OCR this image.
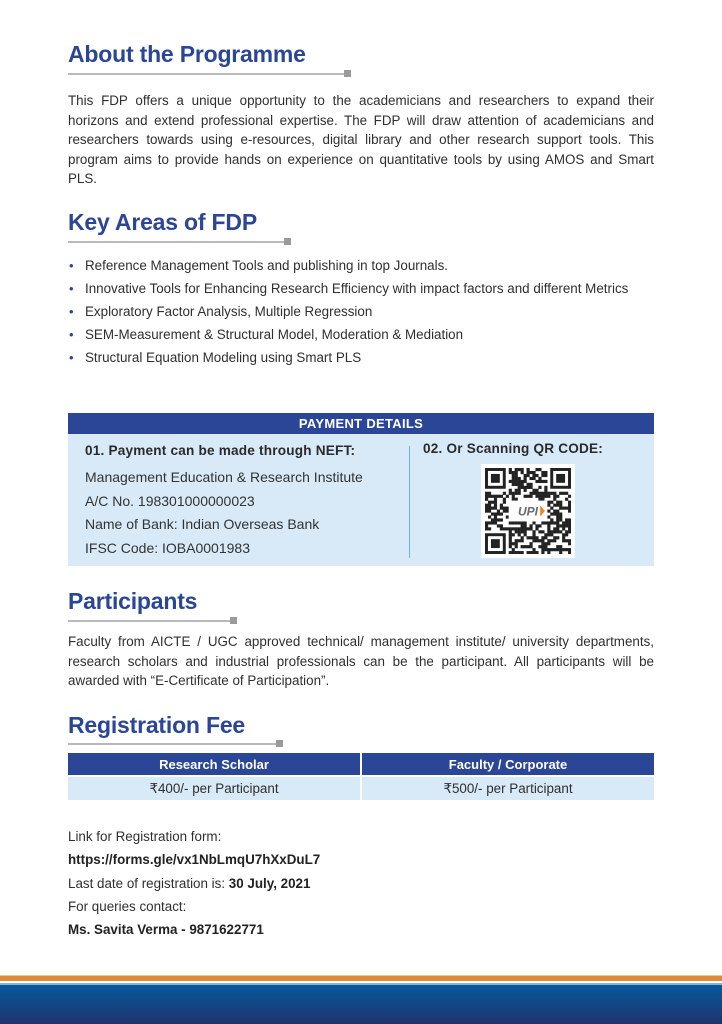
About the Programme

This FDP offers a unique opportunity to the academicians and researchers to expand their horizons and extend professional expertise. The FDP will draw attention of academicians and researchers towards using e-resources, digital library and other research support tools. This program aims to provide hands on experience on quantitative tools by using AMOS and Smart PLS.

Key Areas of FDP
• Reference Management Tools and publishing in top Journals.
• Innovative Tools for Enhancing Research Efficiency with impact factors and different Metrics
• Exploratory Factor Analysis, Multiple Regression
• SEM-Measurement & Structural Model, Moderation & Mediation
• Structural Equation Modeling using Smart PLS
PAYMENT DETAILS
01. Payment can be made through NEFT:
Management Education & Research Institute
A/C No. 198301000000023
Name of Bank: Indian Overseas Bank
IFSC Code: IOBA0001983
02. Or Scanning QR CODE:
UPI
Participants

Faculty from AICTE / UGC approved technical/ management institute/ university departments, research scholars and industrial professionals can be the participant. All participants will be awarded with “E-Certificate of Participation”.

Registration Fee
Research Scholar	Faculty / Corporate
₹400/- per Participant	₹500/- per Participant
Link for Registration form:
https://forms.gle/vx1NbLmqU7hXxDuL7
Last date of registration is: 30 July, 2021
For queries contact:
Ms. Savita Verma - 9871622771
